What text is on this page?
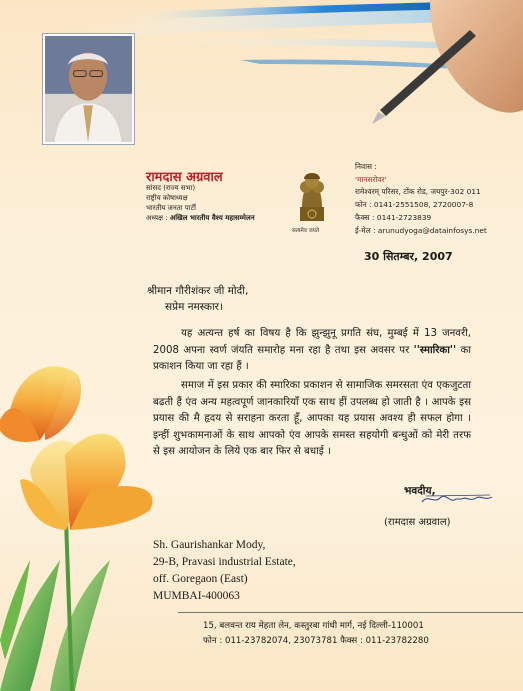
रामदास अग्रवाल
सांसद (राज्य सभा)
राष्ट्रीय कोषाध्यक्ष
भारतीय जनता पार्टी
अध्यक्ष : अखिल भारतीय वैश्य महासम्मेलन
सत्यमेव जयते
निवास :
'मानसरोवर'
रामेश्वरम् परिसर, टोंक रोड, जयपुर-302 011
फोन : 0141-2551508, 2720007-8
फैक्स : 0141-2723839
ई-मेल : arunudyoga@datainfosys.net
30 सितम्बर, 2007
श्रीमान गौरीशंकर जी मोदी,
सप्रेम नमस्कार।
यह अत्यन्त हर्ष का विषय है कि झुन्झुनू प्रगति संघ, मुम्बई में 13 जनवरी, 2008 अपना स्वर्ण जंयति समारोह मना रहा है तथा इस अवसर पर ''स्मारिका'' का प्रकाशन किया जा रहा हैं ।
समाज में इस प्रकार की स्मारिका प्रकाशन से सामाजिक समरसता एंव एकजुटता बढती हैं एंव अन्य महत्वपूर्ण जानकारियाँ एक साथ हीं उपलब्ध हो जाती है । आपके इस प्रयास की मै हृदय से सराहना करता हूँ, आपका यह प्रयास अवश्य ही सफल होगा । इन्हीं शुभकामनाओं के साथ आपको एंव आपके समस्त सहयोगी बन्धुओं को मेरी तरफ से इस आयोजन के लिये एक बार फिर से बधाई ।
भवदीय,
(रामदास अग्रवाल)
Sh. Gaurishankar Mody,
29-B, Pravasi industrial Estate,
off. Goregaon (East)
MUMBAI-400063
15, बलवन्त राय मेहता लेन, कस्तुरबा गांधी मार्ग, नई दिल्ली-110001
फोन : 011-23782074, 23073781 फैक्स : 011-23782280
